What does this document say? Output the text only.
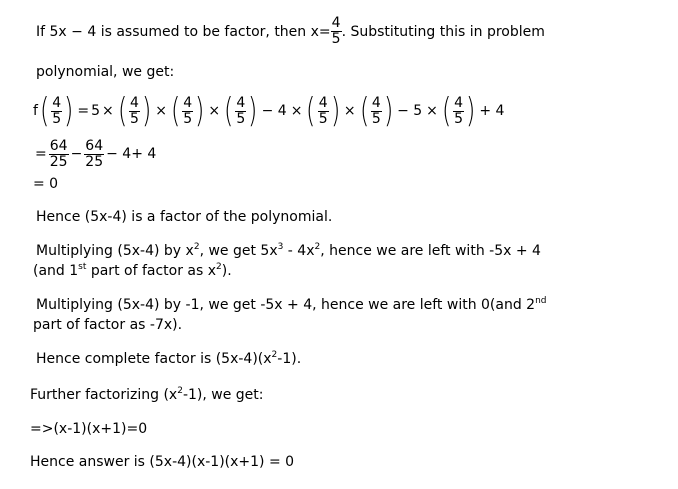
If 5x − 4 is assumed to be factor, then $x= \frac{4}{5}$ . Substituting this in problem
polynomial, we get:
f ( $\frac{4}{5}$ ) = 5 × ( $\frac{4}{5}$ ) × ( $\frac{4}{5}$ ) × ( $\frac{4}{5}$ ) − 4 × ( $\frac{4}{5}$ ) × ( $\frac{4}{5}$ ) − 5 × ( $\frac{4}{5}$ ) + 4
= $\frac{64}{25} - \frac{64}{25} - 4+ 4$
= 0
Hence (5x-4) is a factor of the polynomial.
Multiplying (5x-4) by $x^2$, we get $5x^3 - 4x^2$, hence we are left with -5x + 4
(and 1st part of factor as $x^2$).
Multiplying (5x-4) by -1, we get -5x + 4, hence we are left with 0(and 2nd
part of factor as -7x).
Hence complete factor is $(5x-4)(x^2-1)$.
Further factorizing $(x^2-1)$, we get:
=>(x-1)(x+1)=0
Hence answer is (5x-4)(x-1)(x+1) = 0
